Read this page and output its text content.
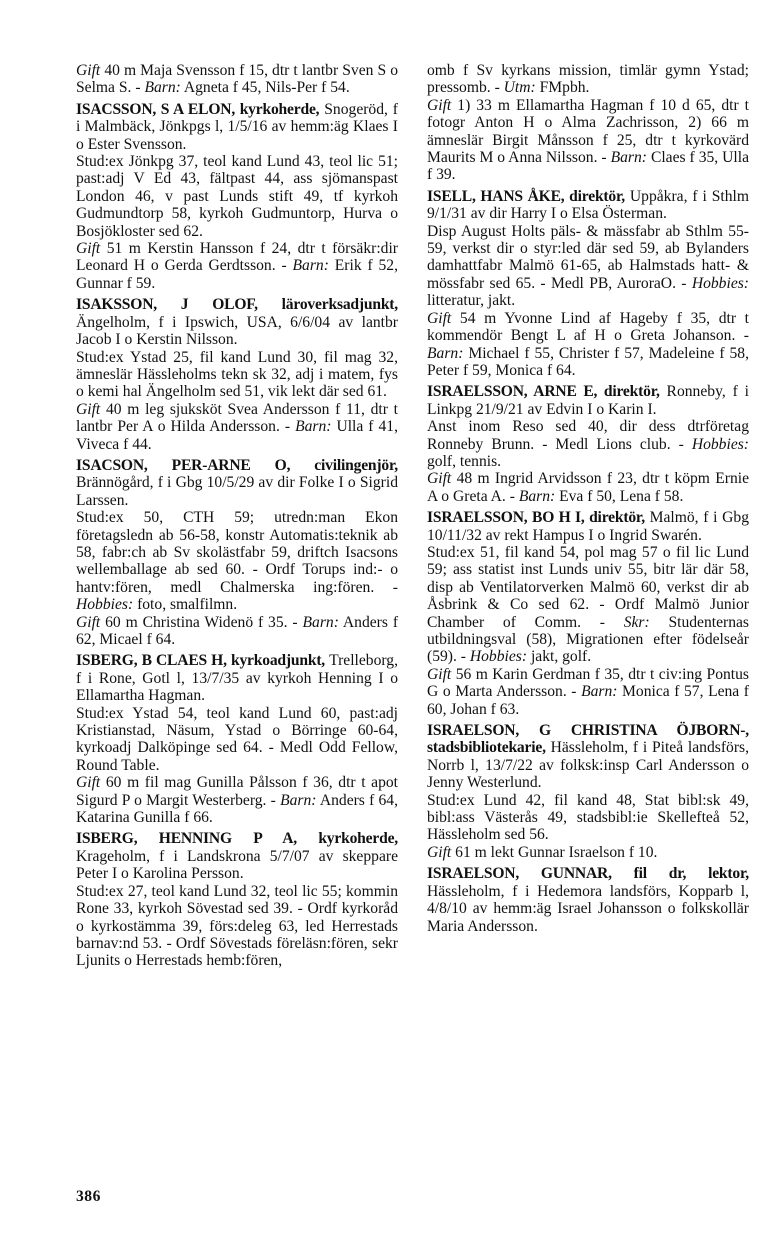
Gift 40 m Maja Svensson f 15, dtr t lantbr Sven S o Selma S. - Barn: Agneta f 45, Nils-Per f 54.

ISACSSON, S A ELON, kyrkoherde, Snogeröd, f i Malmbäck, Jönkpgs l, 1/5/16 av hemm:äg Klaes I o Ester Svensson.

Stud:ex Jönkpg 37, teol kand Lund 43, teol lic 51; past:adj V Ed 43, fältpast 44, ass sjömanspast London 46, v past Lunds stift 49, tf kyrkoh Gudmundtorp 58, kyrkoh Gudmuntorp, Hurva o Bosjökloster sed 62.

Gift 51 m Kerstin Hansson f 24, dtr t försäkr:dir Leonard H o Gerda Gerdtsson. - Barn: Erik f 52, Gunnar f 59.

ISAKSSON, J OLOF, läroverksadjunkt, Ängelholm, f i Ipswich, USA, 6/6/04 av lantbr Jacob I o Kerstin Nilsson.

Stud:ex Ystad 25, fil kand Lund 30, fil mag 32, ämneslär Hässleholms tekn sk 32, adj i matem, fys o kemi hal Ängelholm sed 51, vik lekt där sed 61.

Gift 40 m leg sjuksköt Svea Andersson f 11, dtr t lantbr Per A o Hilda Andersson. - Barn: Ulla f 41, Viveca f 44.

ISACSON, PER-ARNE O, civilingenjör, Brännögård, f i Gbg 10/5/29 av dir Folke I o Sigrid Larssen.

Stud:ex 50, CTH 59; utredn:man Ekon företagsledn ab 56-58, konstr Automatis:teknik ab 58, fabr:ch ab Sv skolästfabr 59, driftch Isacsons wellemballage ab sed 60. - Ordf Torups ind:- o hantv:fören, medl Chalmerska ing:fören. - Hobbies: foto, smalfilmn.

Gift 60 m Christina Widenö f 35. - Barn: Anders f 62, Micael f 64.

ISBERG, B CLAES H, kyrkoadjunkt, Trelleborg, f i Rone, Gotl l, 13/7/35 av kyrkoh Henning I o Ellamartha Hagman.

Stud:ex Ystad 54, teol kand Lund 60, past:adj Kristianstad, Näsum, Ystad o Börringe 60-64, kyrkoadj Dalköpinge sed 64. - Medl Odd Fellow, Round Table.

Gift 60 m fil mag Gunilla Pålsson f 36, dtr t apot Sigurd P o Margit Westerberg. - Barn: Anders f 64, Katarina Gunilla f 66.

ISBERG, HENNING P A, kyrkoherde, Krageholm, f i Landskrona 5/7/07 av skeppare Peter I o Karolina Persson.

Stud:ex 27, teol kand Lund 32, teol lic 55; kommin Rone 33, kyrkoh Sövestad sed 39. - Ordf kyrkoråd o kyrkostämma 39, förs:deleg 63, led Herrestads barnav:nd 53. - Ordf Sövestads föreläsn:fören, sekr Ljunits o Herrestads hemb:fören,

omb f Sv kyrkans mission, timlär gymn Ystad; pressomb. - Utm: FMpbh.

Gift 1) 33 m Ellamartha Hagman f 10 d 65, dtr t fotogr Anton H o Alma Zachrisson, 2) 66 m ämneslär Birgit Månsson f 25, dtr t kyrkovärd Maurits M o Anna Nilsson. - Barn: Claes f 35, Ulla f 39.

ISELL, HANS ÅKE, direktör, Uppåkra, f i Sthlm 9/1/31 av dir Harry I o Elsa Österman.

Disp August Holts päls- & mässfabr ab Sthlm 55-59, verkst dir o styr:led där sed 59, ab Bylanders damhattfabr Malmö 61-65, ab Halmstads hatt- & mössfabr sed 65. - Medl PB, AuroraO. - Hobbies: litteratur, jakt.

Gift 54 m Yvonne Lind af Hageby f 35, dtr t kommendör Bengt L af H o Greta Johanson. - Barn: Michael f 55, Christer f 57, Madeleine f 58, Peter f 59, Monica f 64.

ISRAELSSON, ARNE E, direktör, Ronneby, f i Linkpg 21/9/21 av Edvin I o Karin I.

Anst inom Reso sed 40, dir dess dtrföretag Ronneby Brunn. - Medl Lions club. - Hobbies: golf, tennis.

Gift 48 m Ingrid Arvidsson f 23, dtr t köpm Ernie A o Greta A. - Barn: Eva f 50, Lena f 58.

ISRAELSSON, BO H I, direktör, Malmö, f i Gbg 10/11/32 av rekt Hampus I o Ingrid Swarén.

Stud:ex 51, fil kand 54, pol mag 57 o fil lic Lund 59; ass statist inst Lunds univ 55, bitr lär där 58, disp ab Ventilatorverken Malmö 60, verkst dir ab Åsbrink & Co sed 62. - Ordf Malmö Junior Chamber of Comm. - Skr: Studenternas utbildningsval (58), Migrationen efter födelseår (59). - Hobbies: jakt, golf.

Gift 56 m Karin Gerdman f 35, dtr t civ:ing Pontus G o Marta Andersson. - Barn: Monica f 57, Lena f 60, Johan f 63.

ISRAELSON, G CHRISTINA ÖJBORN-, stadsbibliotekarie, Hässleholm, f i Piteå landsförs, Norrb l, 13/7/22 av folksk:insp Carl Andersson o Jenny Westerlund.

Stud:ex Lund 42, fil kand 48, Stat bibl:sk 49, bibl:ass Västerås 49, stadsbibl:ie Skellefteå 52, Hässleholm sed 56.

Gift 61 m lekt Gunnar Israelson f 10.

ISRAELSON, GUNNAR, fil dr, lektor, Hässleholm, f i Hedemora landsförs, Kopparb l, 4/8/10 av hemm:äg Israel Johansson o folkskollär Maria Andersson.

386
